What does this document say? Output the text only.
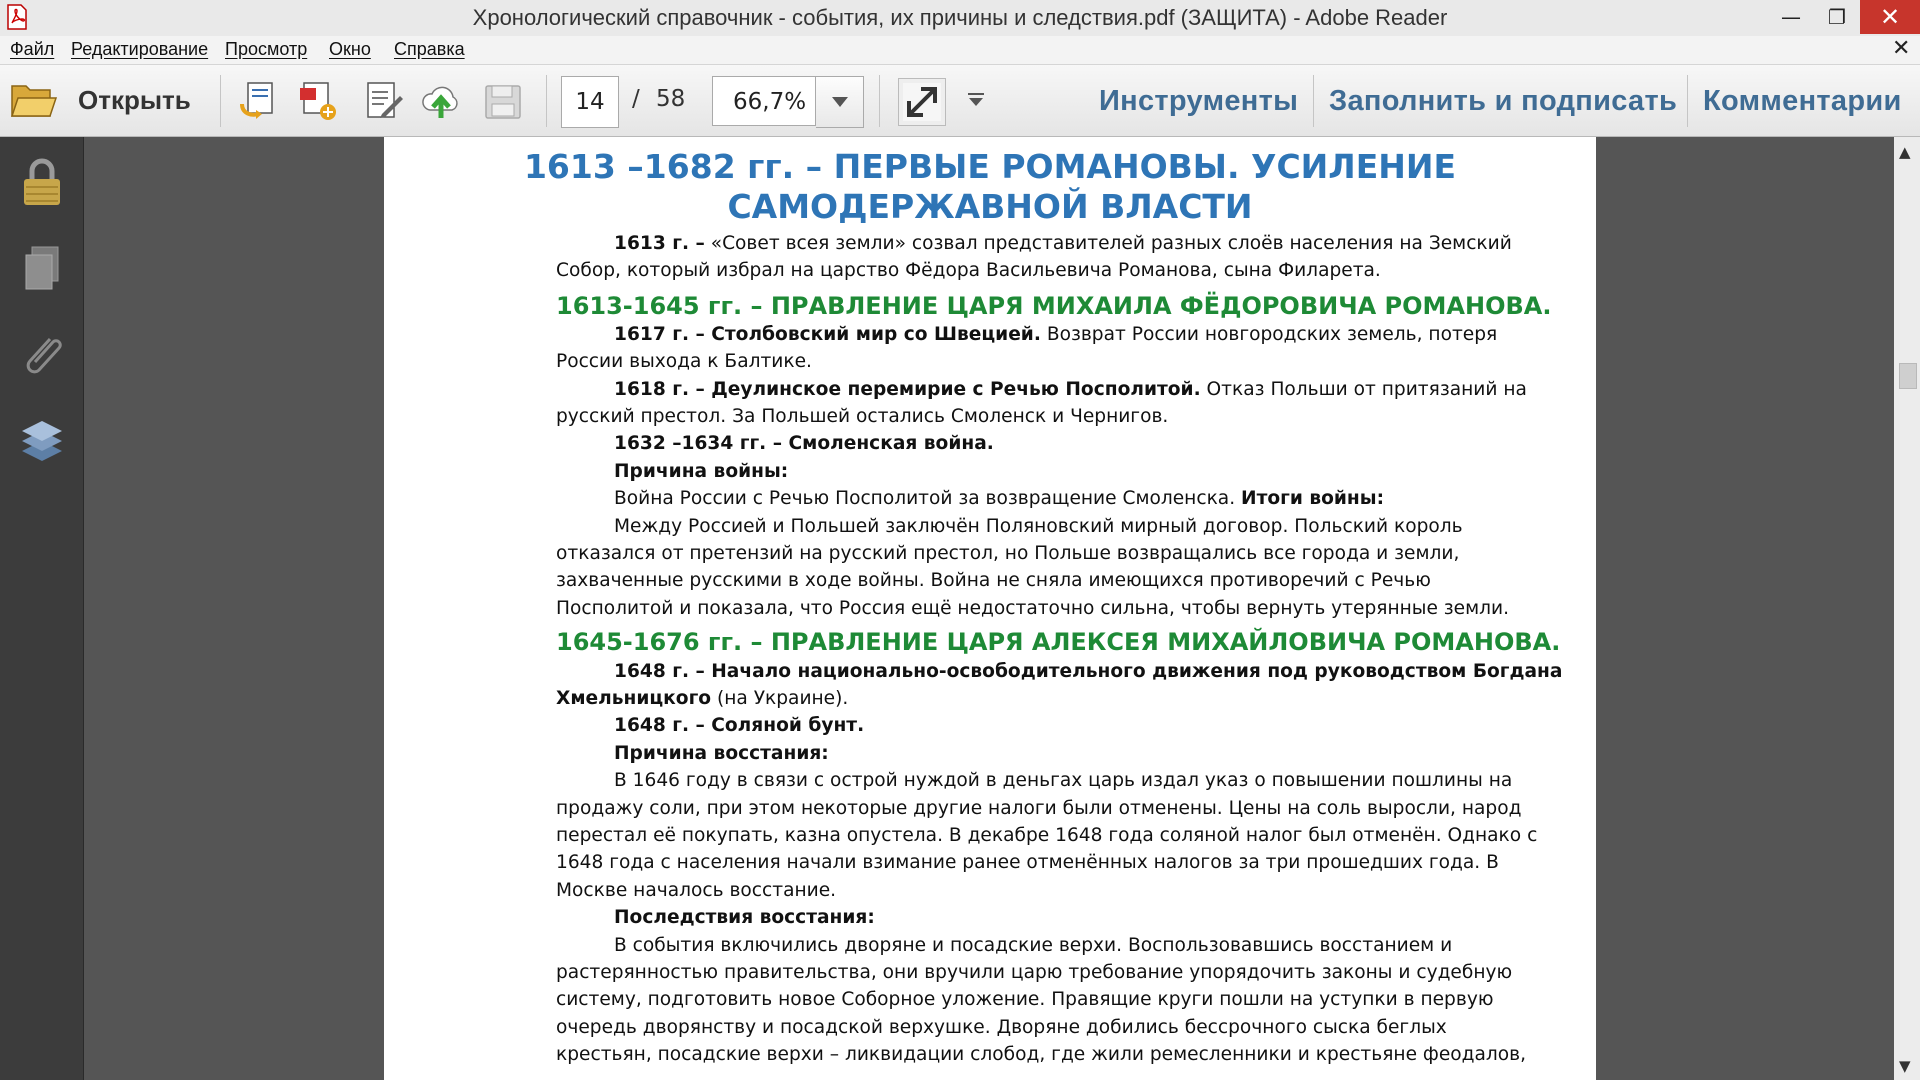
Хронологический справочник - события, их причины и следствия.pdf (ЗАЩИТА) - Adobe Reader	—	❐	✕
Файл Редактирование Просмотр Окно Справка	✕
Открыть	14	/ 58	66,7%	Инструменты Заполнить и подписать Комментарии
1613 –1682 гг. – ПЕРВЫЕ РОМАНОВЫ. УСИЛЕНИЕ
САМОДЕРЖАВНОЙ ВЛАСТИ
1613 г. – «Совет всея земли» созвал представителей разных слоёв населения на Земский
Собор, который избрал на царство Фёдора Васильевича Романова, сына Филарета.
1613-1645 гг. – ПРАВЛЕНИЕ ЦАРЯ МИХАИЛА ФЁДОРОВИЧА РОМАНОВА.
1617 г. – Столбовский мир со Швецией. Возврат России новгородских земель, потеря
России выхода к Балтике.
1618 г. – Деулинское перемирие с Речью Посполитой. Отказ Польши от притязаний на
русский престол. За Польшей остались Смоленск и Чернигов.
1632 –1634 гг. – Смоленская война.
Причина войны:
Война России с Речью Посполитой за возвращение Смоленска. Итоги войны:
Между Россией и Польшей заключён Поляновский мирный договор. Польский король
отказался от претензий на русский престол, но Польше возвращались все города и земли,
захваченные русскими в ходе войны. Война не сняла имеющихся противоречий с Речью
Посполитой и показала, что Россия ещё недостаточно сильна, чтобы вернуть утерянные земли.
1645-1676 гг. – ПРАВЛЕНИЕ ЦАРЯ АЛЕКСЕЯ МИХАЙЛОВИЧА РОМАНОВА.
1648 г. – Начало национально-освободительного движения под руководством Богдана
Хмельницкого (на Украине).
1648 г. – Соляной бунт.
Причина восстания:
В 1646 году в связи с острой нуждой в деньгах царь издал указ о повышении пошлины на
продажу соли, при этом некоторые другие налоги были отменены. Цены на соль выросли, народ
перестал её покупать, казна опустела. В декабре 1648 года соляной налог был отменён. Однако с
1648 года с населения начали взимание ранее отменённых налогов за три прошедших года. В
Москве началось восстание.
Последствия восстания:
В события включились дворяне и посадские верхи. Воспользовавшись восстанием и
растерянностью правительства, они вручили царю требование упорядочить законы и судебную
систему, подготовить новое Соборное уложение. Правящие круги пошли на уступки в первую
очередь дворянству и посадской верхушке. Дворяне добились бессрочного сыска беглых
крестьян, посадские верхи – ликвидации слобод, где жили ремесленники и крестьяне феодалов,
▲
▼
